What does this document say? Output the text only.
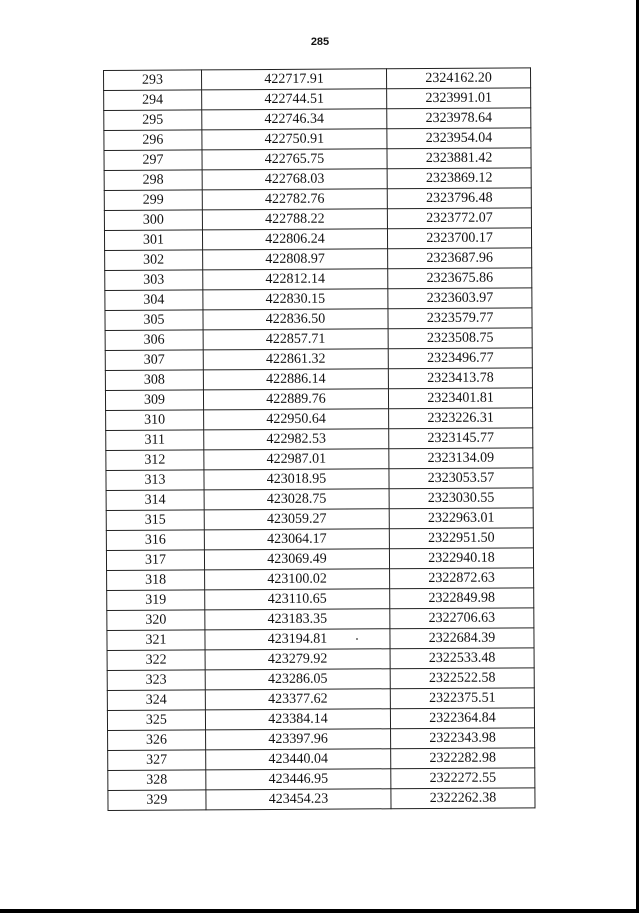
285
293	422717.91	2324162.20
294	422744.51	2323991.01
295	422746.34	2323978.64
296	422750.91	2323954.04
297	422765.75	2323881.42
298	422768.03	2323869.12
299	422782.76	2323796.48
300	422788.22	2323772.07
301	422806.24	2323700.17
302	422808.97	2323687.96
303	422812.14	2323675.86
304	422830.15	2323603.97
305	422836.50	2323579.77
306	422857.71	2323508.75
307	422861.32	2323496.77
308	422886.14	2323413.78
309	422889.76	2323401.81
310	422950.64	2323226.31
311	422982.53	2323145.77
312	422987.01	2323134.09
313	423018.95	2323053.57
314	423028.75	2323030.55
315	423059.27	2322963.01
316	423064.17	2322951.50
317	423069.49	2322940.18
318	423100.02	2322872.63
319	423110.65	2322849.98
320	423183.35	2322706.63
321	423194.81	2322684.39
322	423279.92	2322533.48
323	423286.05	2322522.58
324	423377.62	2322375.51
325	423384.14	2322364.84
326	423397.96	2322343.98
327	423440.04	2322282.98
328	423446.95	2322272.55
329	423454.23	2322262.38
